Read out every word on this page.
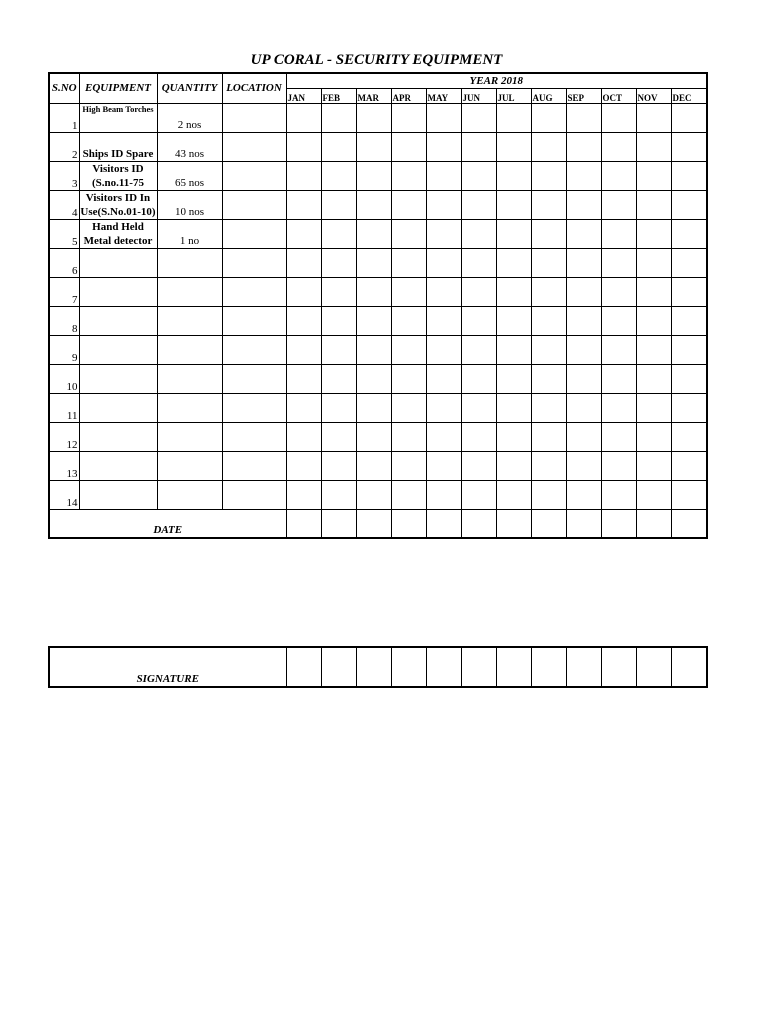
UP CORAL - SECURITY EQUIPMENT
S.NO	EQUIPMENT	QUANTITY	LOCATION	YEAR 2018											
				JAN	FEB	MAR	APR	MAY	JUN	JUL	AUG	SEP	OCT	NOV	DEC
1	High Beam Torches	2 nos													
2	Ships ID Spare	43 nos													
3	Visitors ID (S.no.11-75	65 nos													
4	Visitors ID In Use(S.No.01-10)	10 nos													
5	Hand Held Metal detector	1 no													
6															
7															
8															
9															
10															
11															
12															
13															
14															
DATE															
SIGNATURE												
